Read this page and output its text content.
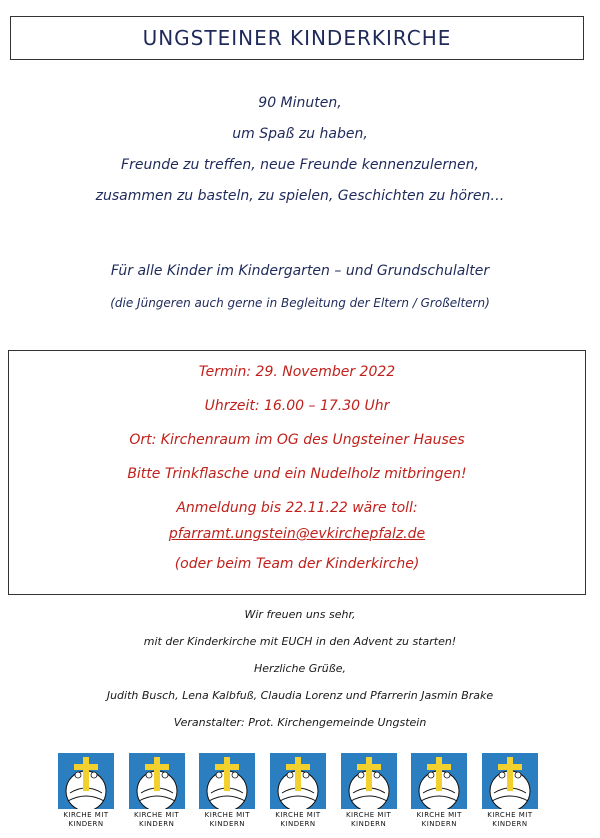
UNGSTEINER KINDERKIRCHE
90 Minuten,
um Spaß zu haben,
Freunde zu treffen, neue Freunde kennenzulernen,
zusammen zu basteln, zu spielen, Geschichten zu hören…
Für alle Kinder im Kindergarten – und Grundschulalter
(die Jüngeren auch gerne in Begleitung der Eltern / Großeltern)
Termin: 29. November 2022
Uhrzeit: 16.00 – 17.30 Uhr
Ort: Kirchenraum im OG des Ungsteiner Hauses
Bitte Trinkflasche und ein Nudelholz mitbringen!
Anmeldung bis 22.11.22 wäre toll:
pfarramt.ungstein@evkirchepfalz.de
(oder beim Team der Kinderkirche)
Wir freuen uns sehr,
mit der Kinderkirche mit EUCH in den Advent zu starten!
Herzliche Grüße,
Judith Busch, Lena Kalbfuß, Claudia Lorenz und Pfarrerin Jasmin Brake
Veranstalter: Prot. Kirchengemeinde Ungstein
KIRCHE MIT
KINDERN
KIRCHE MIT
KINDERN
KIRCHE MIT
KINDERN
KIRCHE MIT
KINDERN
KIRCHE MIT
KINDERN
KIRCHE MIT
KINDERN
KIRCHE MIT
KINDERN
